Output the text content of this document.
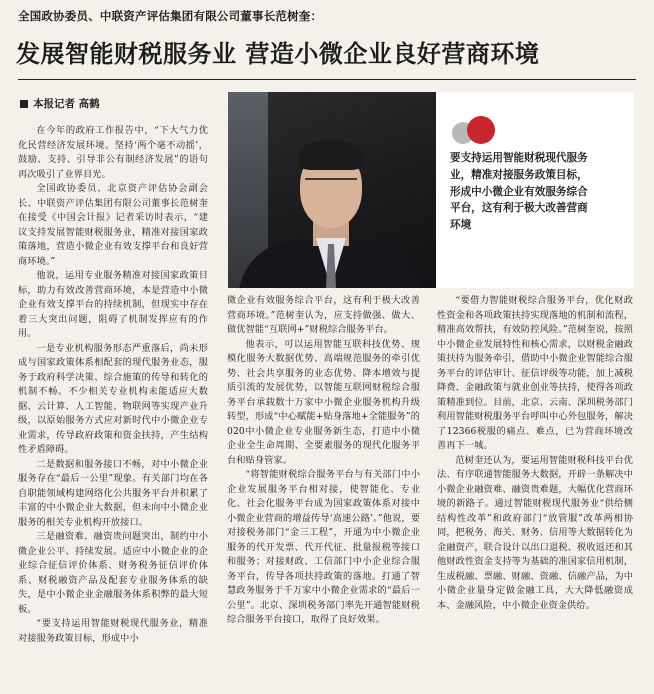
全国政协委员、中联资产评估集团有限公司董事长范树奎：
发展智能财税服务业 营造小微企业良好营商环境
本报记者 高鹤
要支持运用智能财税现代服务业，精准对接服务政策目标，形成中小微企业有效服务综合平台，这有利于极大改善营商环境

在今年的政府工作报告中，“下大气力优化民营经济发展环境。坚持‘两个毫不动摇’，鼓励、支持、引导非公有制经济发展”的语句再次吸引了业界目光。

全国政协委员、北京资产评估协会副会长、中联资产评估集团有限公司董事长范树奎在接受《中国会计报》记者采访时表示，“建议支持发展智能财税服务业，精准对接国家政策落地，营造小微企业有效支撑平台和良好营商环境。”

他说，运用专业服务精准对接国家政策目标，助力有效改善营商环境，本是营造中小微企业有效支撑平台的持续机制，但现实中存在着三大突出问题，阻碍了机制发挥应有的作用。

一是专业机构服务形态严重落后，尚未形成与国家政策体系相配套的现代服务业态，服务于政府科学决策、综合施策的传导和转化的机制不畅。不少相关专业机构未能适应大数据、云计算、人工智能、物联网等实现产业升级，以原始服务方式应对新时代中小微企业专业需求，传导政府政策和资金扶持，产生结构性矛盾障碍。

二是数据和服务接口不畅，对中小微企业服务存在“最后一公里”现象。有关部门均在各自职能领域构建网络化公共服务平台并积累了丰富的中小微企业大数据，但未向中小微企业服务的相关专业机构开放接口。

三是融资难、融资贵问题突出，制约中小微企业公平、持续发展。适应中小微企业的企业综合征信评价体系、财务税务征信评价体系、财税融资产品及配套专业服务体系的缺失，是中小微企业金融服务体系积弊的最大短板。

“要支持运用智能财税现代服务业，精准对接服务政策目标，形成中小

微企业有效服务综合平台，这有利于极大改善营商环境。”范树奎认为，应支持做强、做大、做优智能“互联网+”财税综合服务平台。

他表示，可以运用智能互联科技优势、规模化服务大数据优势、高端规范服务的牵引优势、社会共享服务的业态优势、降本增效与提质引流的发展优势，以智能互联网财税综合服务平台承载数十万家中小微企业服务机构升级转型，形成“中心赋能+贴身落地+全能服务”的020中小微企业专业服务新生态，打造中小微企业全生命周期、全要素服务的现代化服务平台和贴身管家。

“将智能财税综合服务平台与有关部门中小企业发展服务平台相对接，使智能化、专业化、社会化服务平台成为国家政策体系对接中小微企业营商的增益传导‘高速公路’。”他说，要对接税务部门“金三工程”，开通为中小微企业服务的代开发票、代开代征、批量报税等接口和服务；对接财政、工信部门中小企业综合服务平台，传导各项扶持政策的落地。打通了智慧政务服务于千万家中小微企业需求的“最后一公里”。北京、深圳税务部门率先开通智能财税综合服务平台接口，取得了良好效果。

“要借力智能财税综合服务平台，优化财政性资金和各项政策扶持实现落地的机制和流程，精准高效帮扶，有效防控风险。”范树奎说，按照中小微企业发展特性和核心需求，以财税金融政策扶持为服务牵引，借助中小微企业智能综合服务平台的评估审计、征信评级等功能，加上减税降费、金融政策与就业创业等扶持，使得各项政策精准到位。目前，北京、云南、深圳税务部门利用智能财税服务平台呼叫中心外包服务，解决了12366税服的痛点、难点，已为营商环境改善再下一城。

范树奎还认为，要运用智能财税科技平台优法、有序联通智能服务大数据，开辟一条解决中小微企业融资难、融资贵难题，大幅优化营商环境的新路子。通过智能财税现代服务业“供给侧结构性改革”和政府部门“放管服”改革两相协同，把税务、海关、财务、信用等大数据转化为金融资产，联合设计以出口退税、税收返还和其他财政性资金支持等为基础的准国家信用机制，生成税融、票融、财融、资融、信融产品，为中小微企业量身定做金融工具，大大降低融资成本、金融风险，中小微企业资金供给。
